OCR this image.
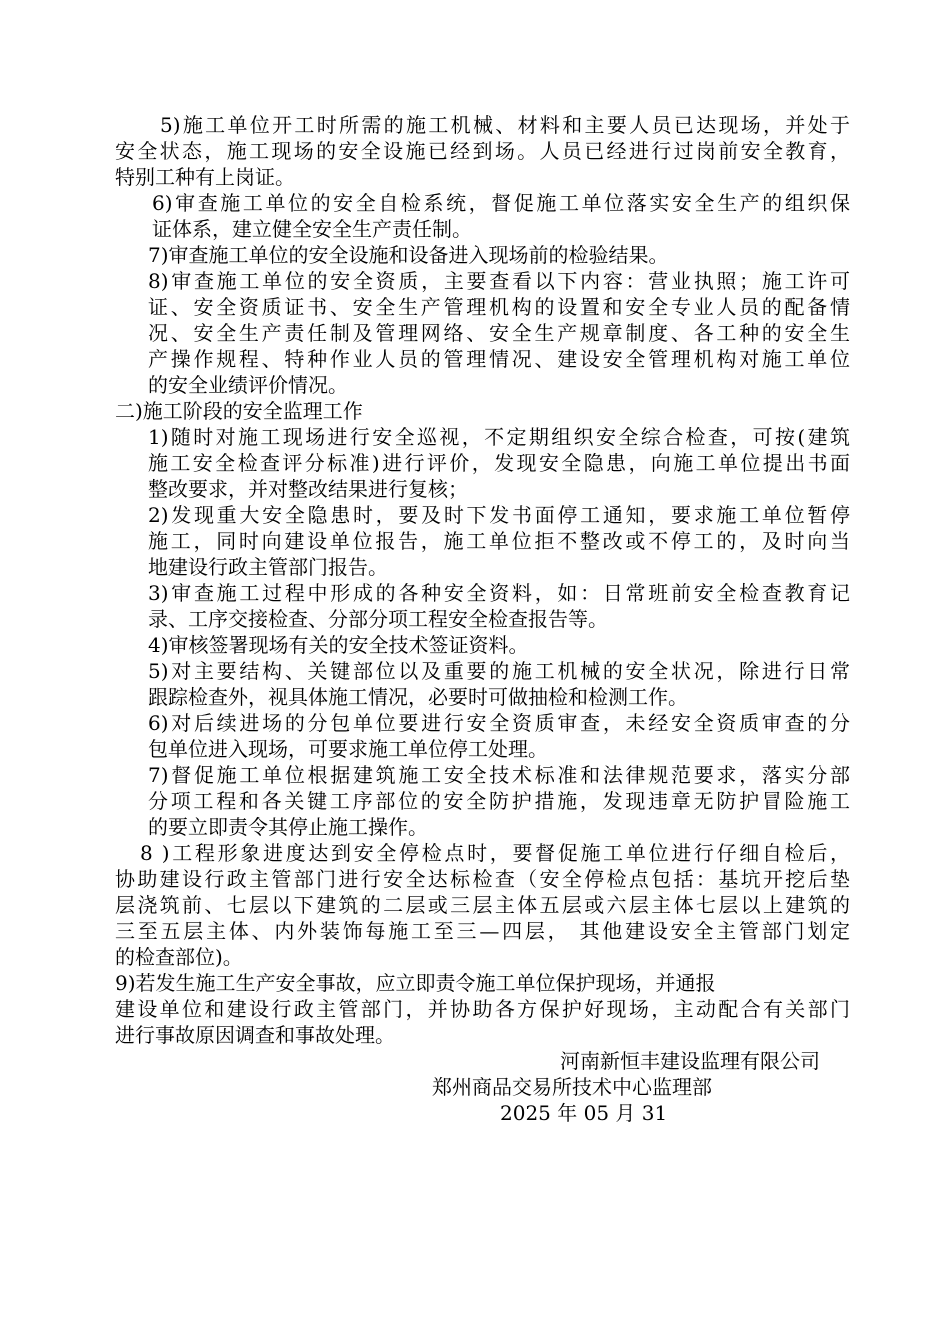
5)施工单位开工时所需的施工机械、材料和主要人员已达现场，并处于
安全状态，施工现场的安全设施已经到场。人员已经进行过岗前安全教育，
特别工种有上岗证。
6)审查施工单位的安全自检系统，督促施工单位落实安全生产的组织保
证体系，建立健全安全生产责任制。
7)审查施工单位的安全设施和设备进入现场前的检验结果。
8)审查施工单位的安全资质，主要查看以下内容：营业执照；施工许可
证、安全资质证书、安全生产管理机构的设置和安全专业人员的配备情
况、安全生产责任制及管理网络、安全生产规章制度、各工种的安全生
产操作规程、特种作业人员的管理情况、建设安全管理机构对施工单位
的安全业绩评价情况。
二)施工阶段的安全监理工作
1)随时对施工现场进行安全巡视，不定期组织安全综合检查，可按(建筑
施工安全检查评分标准)进行评价，发现安全隐患，向施工单位提出书面
整改要求，并对整改结果进行复核；
2)发现重大安全隐患时，要及时下发书面停工通知，要求施工单位暂停
施工，同时向建设单位报告，施工单位拒不整改或不停工的，及时向当
地建设行政主管部门报告。
3)审查施工过程中形成的各种安全资料，如：日常班前安全检查教育记
录、工序交接检查、分部分项工程安全检查报告等。
4)审核签署现场有关的安全技术签证资料。
5)对主要结构、关键部位以及重要的施工机械的安全状况，除进行日常
跟踪检查外，视具体施工情况，必要时可做抽检和检测工作。
6)对后续进场的分包单位要进行安全资质审查，未经安全资质审查的分
包单位进入现场，可要求施工单位停工处理。
7)督促施工单位根据建筑施工安全技术标准和法律规范要求，落实分部
分项工程和各关键工序部位的安全防护措施，发现违章无防护冒险施工
的要立即责令其停止施工操作。
8 )工程形象进度达到安全停检点时，要督促施工单位进行仔细自检后，
协助建设行政主管部门进行安全达标检查（安全停检点包括：基坑开挖后垫
层浇筑前、七层以下建筑的二层或三层主体五层或六层主体七层以上建筑的
三至五层主体、内外装饰每施工至三—四层， 其他建设安全主管部门划定
的检查部位)。
9)若发生施工生产安全事故，应立即责令施工单位保护现场，并通报
建设单位和建设行政主管部门，并协助各方保护好现场，主动配合有关部门
进行事故原因调查和事故处理。
河南新恒丰建设监理有限公司
郑州商品交易所技术中心监理部
2025 年 05 月 31
